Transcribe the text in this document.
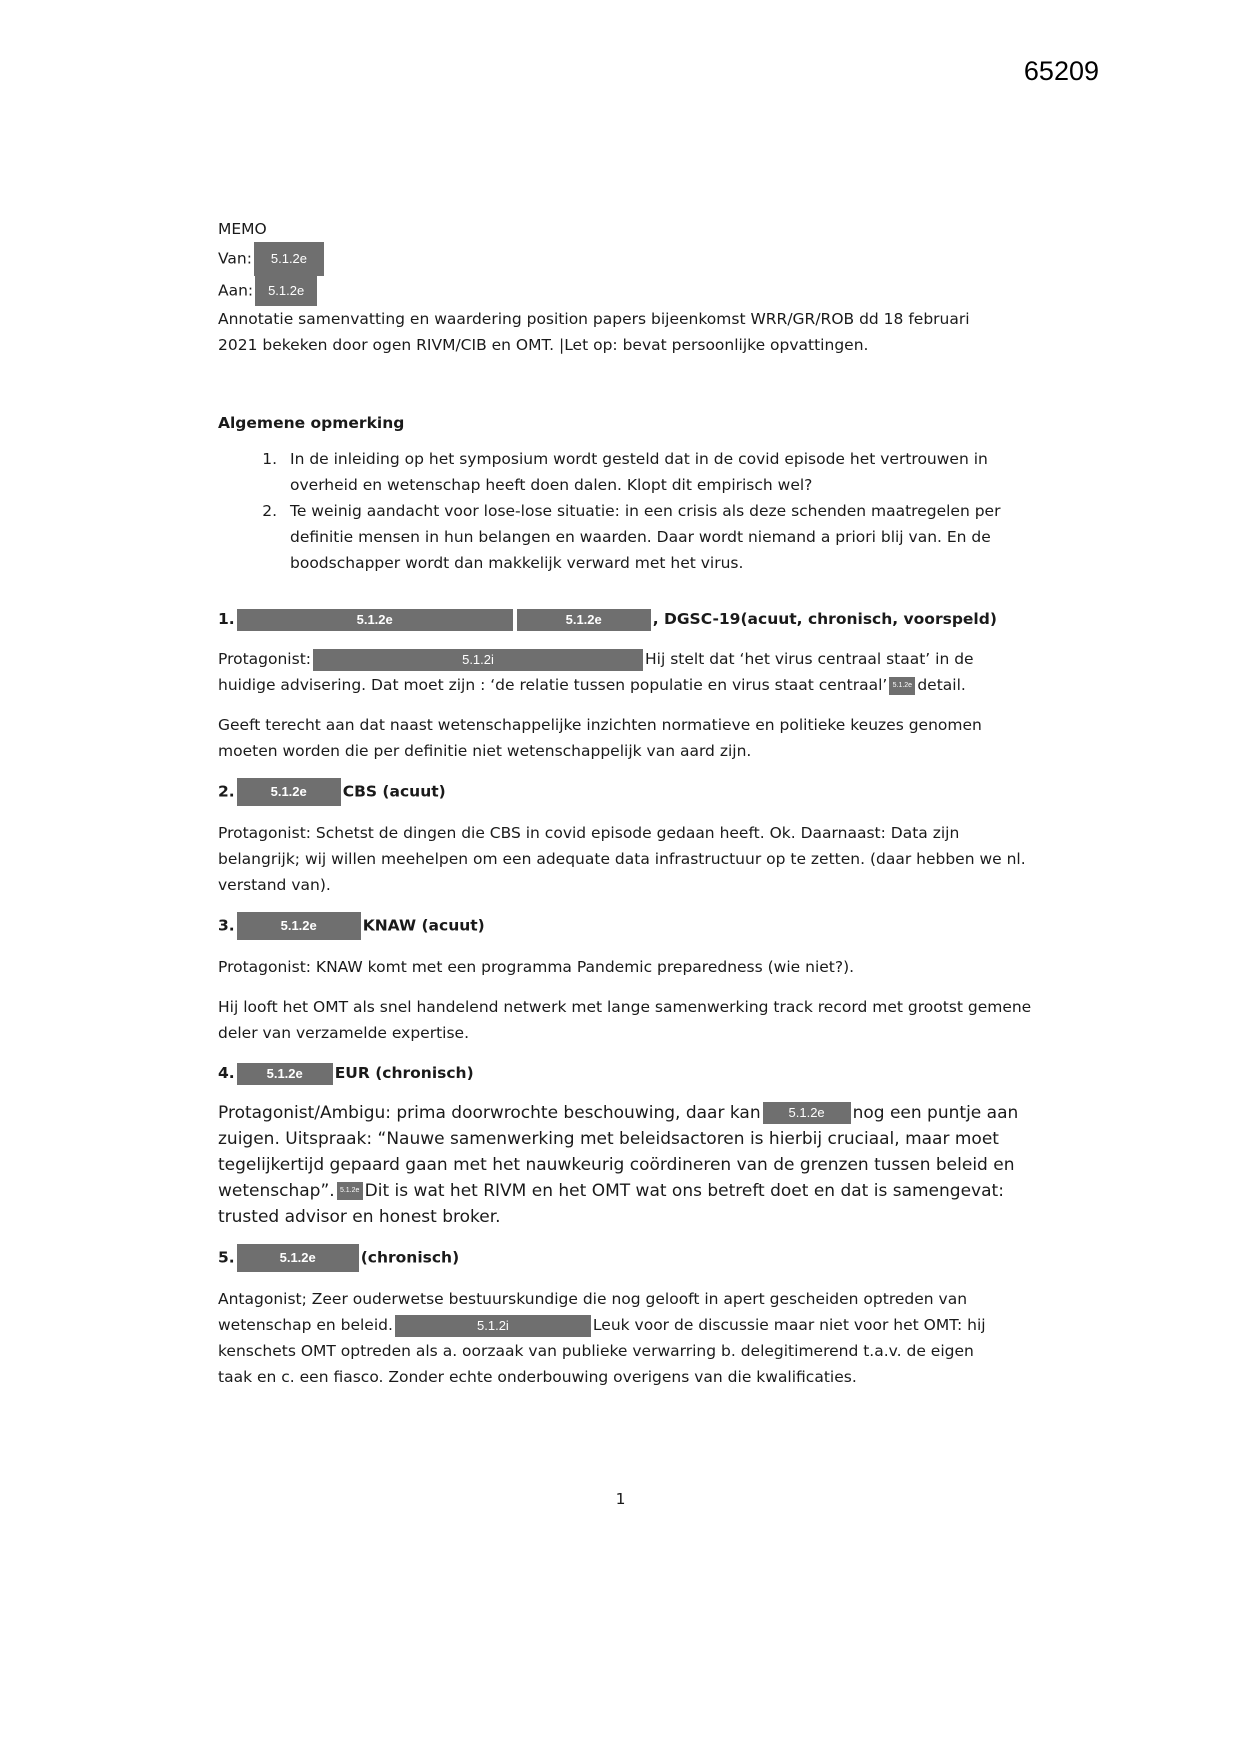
65209

MEMO

Van: 5.1.2e

Aan: 5.1.2e

Annotatie samenvatting en waardering position papers bijeenkomst WRR/GR/ROB dd 18 februari
2021 bekeken door ogen RIVM/CIB en OMT. |Let op: bevat persoonlijke opvattingen.

Algemene opmerking
1. In de inleiding op het symposium wordt gesteld dat in de covid episode het vertrouwen in overheid en wetenschap heeft doen dalen. Klopt dit empirisch wel?
2. Te weinig aandacht voor lose-lose situatie: in een crisis als deze schenden maatregelen per definitie mensen in hun belangen en waarden. Daar wordt niemand a priori blij van. En de boodschapper wordt dan makkelijk verward met het virus.

1.	5.1.2e	5.1.2e	, DGSC-19(acuut, chronisch, voorspeld)

Protagonist:	5.1.2i	Hij stelt dat ‘het virus centraal staat’ in de
huidige advisering. Dat moet zijn : ‘de relatie tussen populatie en virus staat centraal’ 5.1.2e detail.

Geeft terecht aan dat naast wetenschappelijke inzichten normatieve en politieke keuzes genomen moeten worden die per definitie niet wetenschappelijk van aard zijn.

2.	5.1.2e CBS (acuut)

Protagonist: Schetst de dingen die CBS in covid episode gedaan heeft. Ok. Daarnaast: Data zijn belangrijk; wij willen meehelpen om een adequate data infrastructuur op te zetten. (daar hebben we nl. verstand van).

3.	5.1.2e	KNAW (acuut)

Protagonist: KNAW komt met een programma Pandemic preparedness (wie niet?).

Hij looft het OMT als snel handelend netwerk met lange samenwerking track record met grootst gemene deler van verzamelde expertise.

4. 5.1.2e EUR (chronisch)

Protagonist/Ambigu: prima doorwrochte beschouwing, daar kan 5.1.2e nog een puntje aan
zuigen. Uitspraak: “Nauwe samenwerking met beleidsactoren is hierbij cruciaal, maar moet
tegelijkertijd gepaard gaan met het nauwkeurig coördineren van de grenzen tussen beleid en
wetenschap”. 5.1.2e Dit is wat het RIVM en het OMT wat ons betreft doet en dat is samengevat:
trusted advisor en honest broker.

5.	5.1.2e	(chronisch)

Antagonist; Zeer ouderwetse bestuurskundige die nog gelooft in apert gescheiden optreden van
wetenschap en beleid.	5.1.2i	Leuk voor de discussie maar niet voor het OMT: hij
kenschets OMT optreden als a. oorzaak van publieke verwarring b. delegitimerend t.a.v. de eigen
taak en c. een fiasco. Zonder echte onderbouwing overigens van die kwalificaties.

1
